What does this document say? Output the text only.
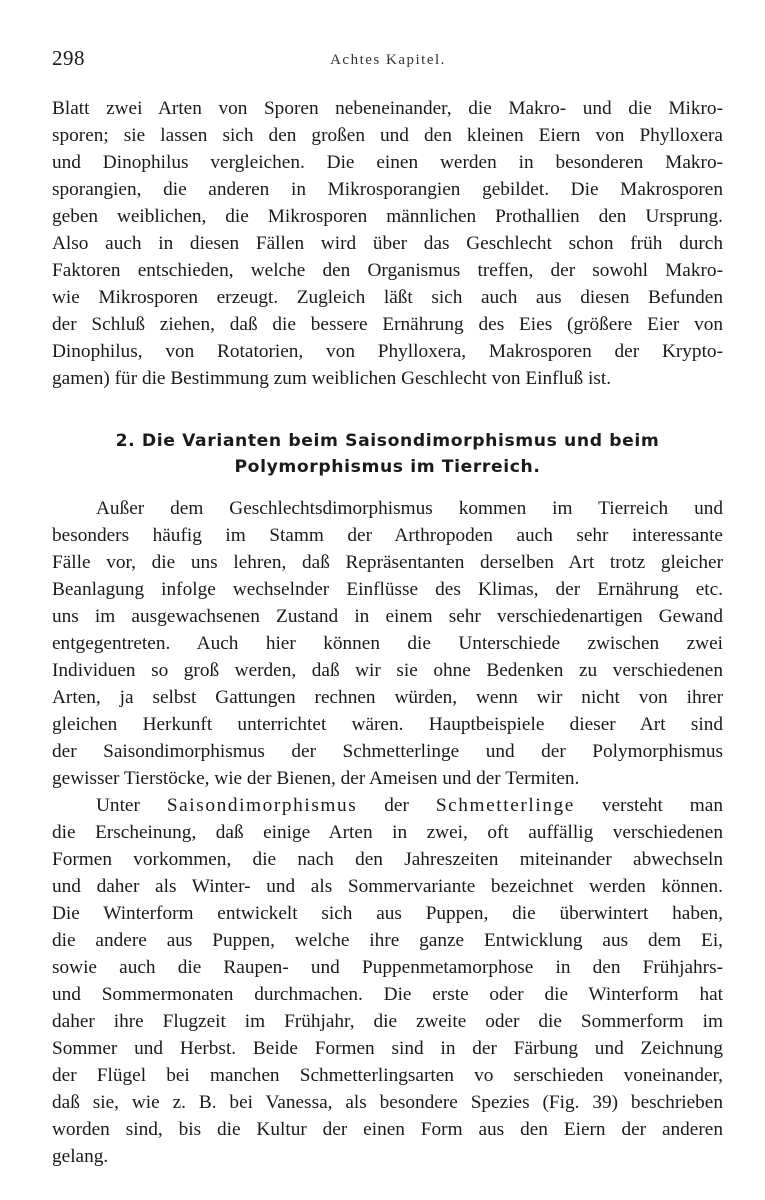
298	Achtes Kapitel.
Blatt zwei Arten von Sporen nebeneinander, die Makro- und die Mikro-
sporen; sie lassen sich den großen und den kleinen Eiern von Phylloxera
und Dinophilus vergleichen. Die einen werden in besonderen Makro-
sporangien, die anderen in Mikrosporangien gebildet. Die Makrosporen
geben weiblichen, die Mikrosporen männlichen Prothallien den Ursprung.
Also auch in diesen Fällen wird über das Geschlecht schon früh durch
Faktoren entschieden, welche den Organismus treffen, der sowohl Makro-
wie Mikrosporen erzeugt. Zugleich läßt sich auch aus diesen Befunden
der Schluß ziehen, daß die bessere Ernährung des Eies (größere Eier von
Dinophilus, von Rotatorien, von Phylloxera, Makrosporen der Krypto-
gamen) für die Bestimmung zum weiblichen Geschlecht von Einfluß ist.
2. Die Varianten beim Saisondimorphismus und beim
Polymorphismus im Tierreich.
Außer dem Geschlechtsdimorphismus kommen im Tierreich und
besonders häufig im Stamm der Arthropoden auch sehr interessante
Fälle vor, die uns lehren, daß Repräsentanten derselben Art trotz gleicher
Beanlagung infolge wechselnder Einflüsse des Klimas, der Ernährung etc.
uns im ausgewachsenen Zustand in einem sehr verschiedenartigen Gewand
entgegentreten. Auch hier können die Unterschiede zwischen zwei
Individuen so groß werden, daß wir sie ohne Bedenken zu verschiedenen
Arten, ja selbst Gattungen rechnen würden, wenn wir nicht von ihrer
gleichen Herkunft unterrichtet wären. Hauptbeispiele dieser Art sind
der Saisondimorphismus der Schmetterlinge und der Polymorphismus
gewisser Tierstöcke, wie der Bienen, der Ameisen und der Termiten.
Unter Saisondimorphismus der Schmetterlinge versteht man
die Erscheinung, daß einige Arten in zwei, oft auffällig verschiedenen
Formen vorkommen, die nach den Jahreszeiten miteinander abwechseln
und daher als Winter- und als Sommervariante bezeichnet werden können.
Die Winterform entwickelt sich aus Puppen, die überwintert haben,
die andere aus Puppen, welche ihre ganze Entwicklung aus dem Ei,
sowie auch die Raupen- und Puppenmetamorphose in den Frühjahrs-
und Sommermonaten durchmachen. Die erste oder die Winterform hat
daher ihre Flugzeit im Frühjahr, die zweite oder die Sommerform im
Sommer und Herbst. Beide Formen sind in der Färbung und Zeichnung
der Flügel bei manchen Schmetterlingsarten vo serschieden voneinander,
daß sie, wie z. B. bei Vanessa, als besondere Spezies (Fig. 39) beschrieben
worden sind, bis die Kultur der einen Form aus den Eiern der anderen
gelang.
